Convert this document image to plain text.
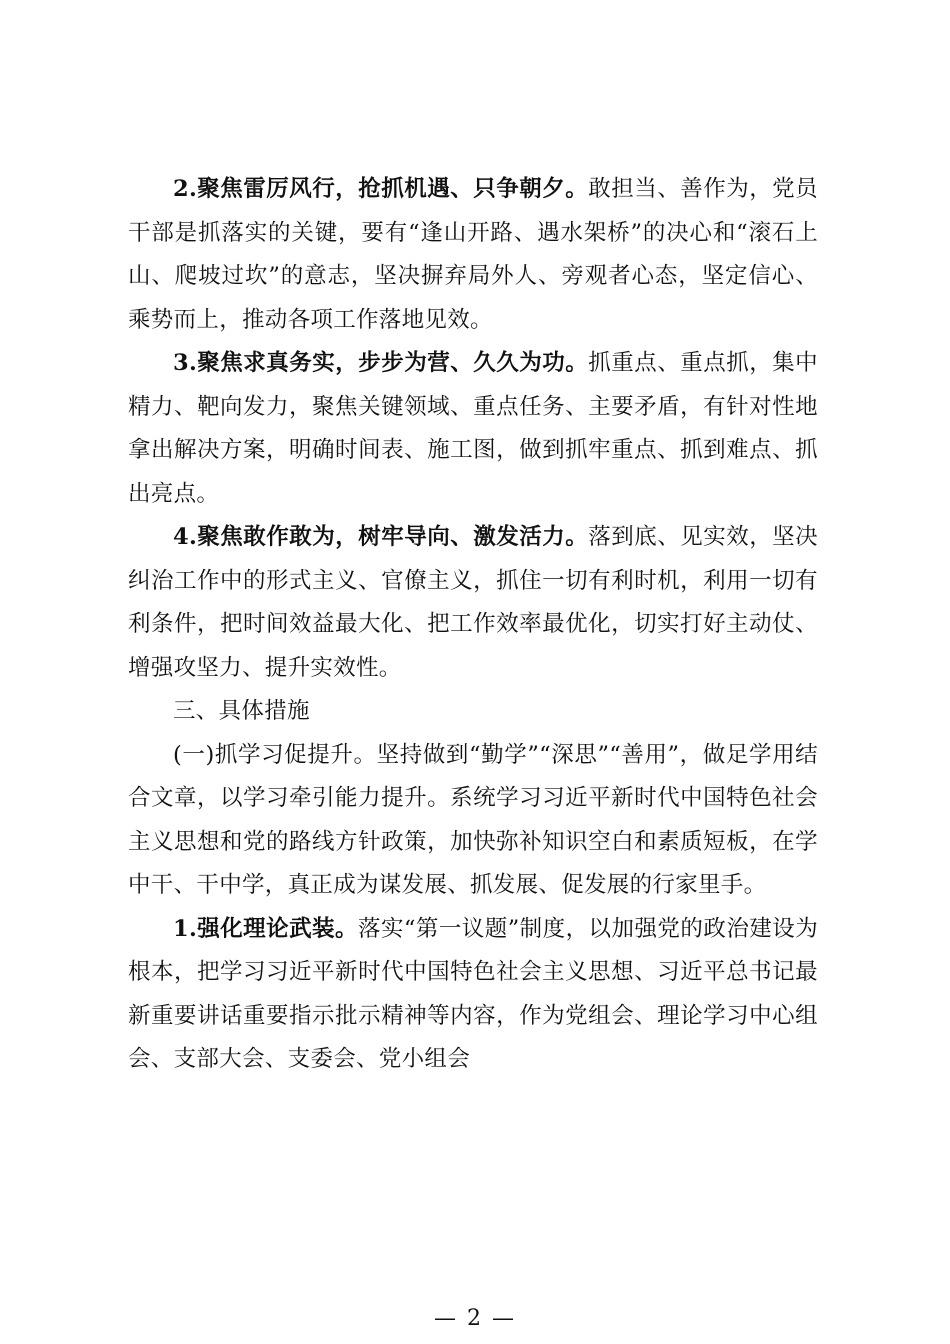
2.聚焦雷厉风行，抢抓机遇、只争朝夕。敢担当、善作为，党员干部是抓落实的关键，要有“逢山开路、遇水架桥”的决心和“滚石上山、爬坡过坎”的意志，坚决摒弃局外人、旁观者心态，坚定信心、乘势而上，推动各项工作落地见效。

3.聚焦求真务实，步步为营、久久为功。抓重点、重点抓，集中精力、靶向发力，聚焦关键领域、重点任务、主要矛盾，有针对性地拿出解决方案，明确时间表、施工图，做到抓牢重点、抓到难点、抓出亮点。

4.聚焦敢作敢为，树牢导向、激发活力。落到底、见实效，坚决纠治工作中的形式主义、官僚主义，抓住一切有利时机，利用一切有利条件，把时间效益最大化、把工作效率最优化，切实打好主动仗、增强攻坚力、提升实效性。

三、具体措施

(一)抓学习促提升。坚持做到“勤学”“深思”“善用”，做足学用结合文章，以学习牵引能力提升。系统学习习近平新时代中国特色社会主义思想和党的路线方针政策，加快弥补知识空白和素质短板，在学中干、干中学，真正成为谋发展、抓发展、促发展的行家里手。

1.强化理论武装。落实“第一议题”制度，以加强党的政治建设为根本，把学习习近平新时代中国特色社会主义思想、习近平总书记最新重要讲话重要指示批示精神等内容，作为党组会、理论学习中心组会、支部大会、支委会、党小组会

— 2 —
